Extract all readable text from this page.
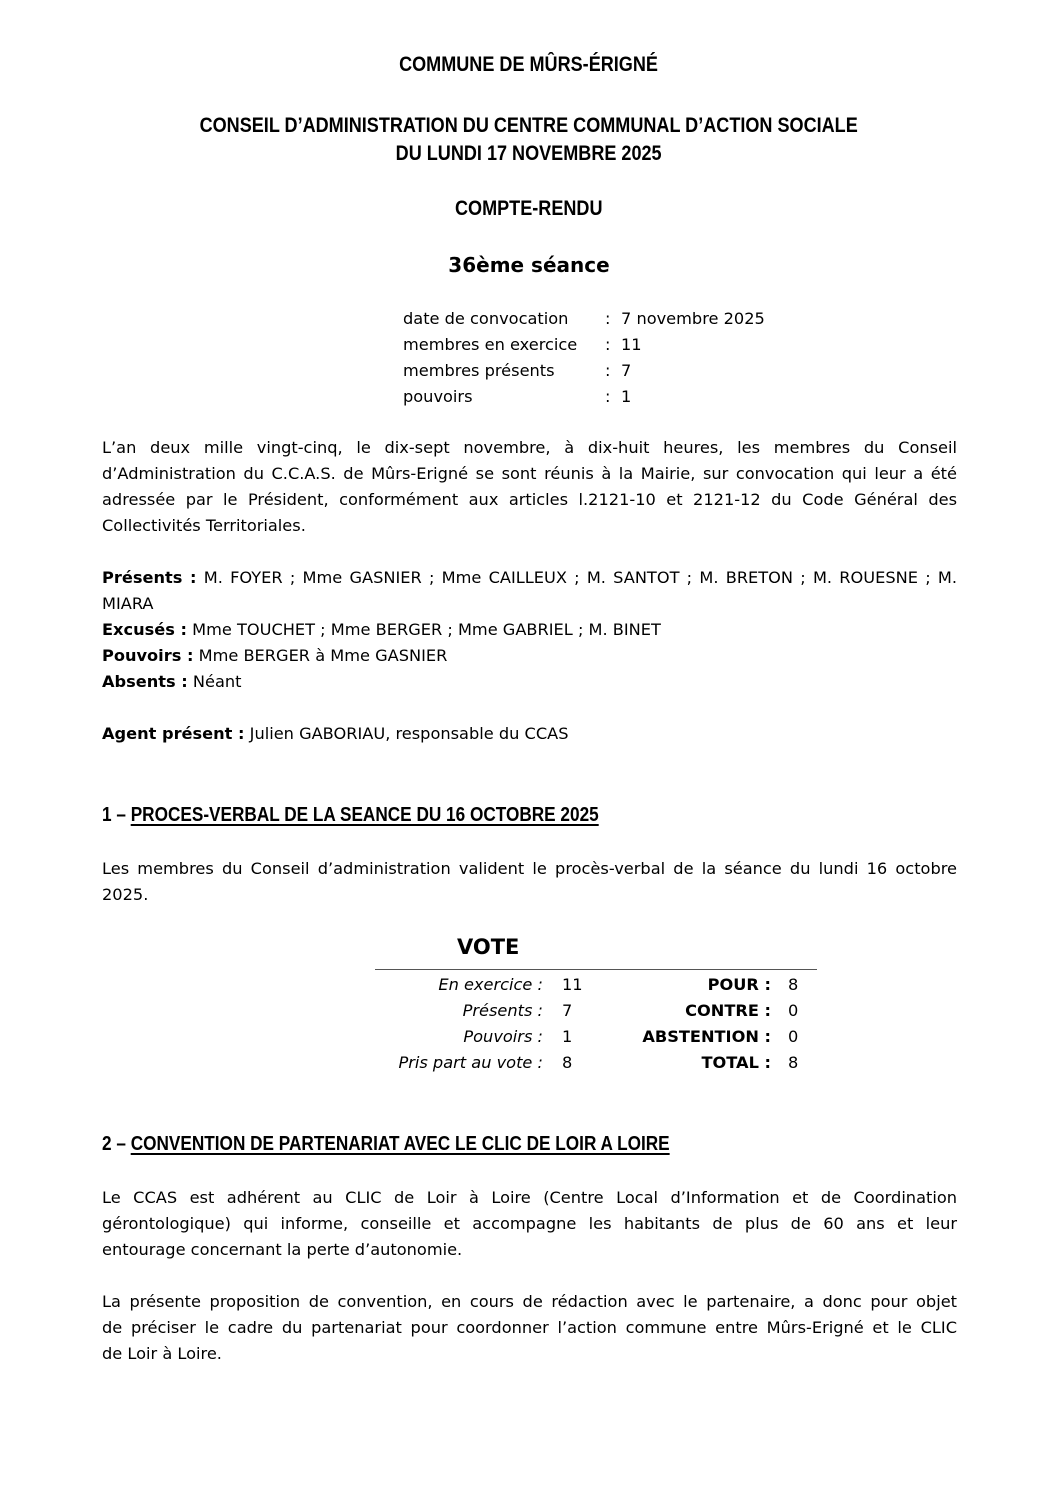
COMMUNE DE MÛRS-ÉRIGNÉ
CONSEIL D’ADMINISTRATION DU CENTRE COMMUNAL D’ACTION SOCIALE
DU LUNDI 17 NOVEMBRE 2025
COMPTE-RENDU
36ème séance
date de convocation : 7 novembre 2025
membres en exercice : 11
membres présents	: 7
pouvoirs	: 1
L’an deux mille vingt-cinq, le dix-sept novembre, à dix-huit heures, les membres du Conseil
d’Administration du C.C.A.S. de Mûrs-Erigné se sont réunis à la Mairie, sur convocation qui leur a été
adressée par le Président, conformément aux articles l.2121-10 et 2121-12 du Code Général des
Collectivités Territoriales.
Présents : M. FOYER ; Mme GASNIER ; Mme CAILLEUX ; M. SANTOT ; M. BRETON ; M. ROUESNE ; M.
MIARA
Excusés : Mme TOUCHET ; Mme BERGER ; Mme GABRIEL ; M. BINET
Pouvoirs : Mme BERGER à Mme GASNIER
Absents : Néant
Agent présent : Julien GABORIAU, responsable du CCAS
1 – PROCES-VERBAL DE LA SEANCE DU 16 OCTOBRE 2025
Les membres du Conseil d’administration valident le procès-verbal de la séance du lundi 16 octobre
2025.
VOTE
En exercice : 11	POUR : 8
Présents : 7	CONTRE : 0
Pouvoirs : 1	ABSTENTION : 0
Pris part au vote : 8	TOTAL : 8
2 – CONVENTION DE PARTENARIAT AVEC LE CLIC DE LOIR A LOIRE
Le CCAS est adhérent au CLIC de Loir à Loire (Centre Local d’Information et de Coordination
gérontologique) qui informe, conseille et accompagne les habitants de plus de 60 ans et leur
entourage concernant la perte d’autonomie.
La présente proposition de convention, en cours de rédaction avec le partenaire, a donc pour objet
de préciser le cadre du partenariat pour coordonner l’action commune entre Mûrs-Erigné et le CLIC
de Loir à Loire.
